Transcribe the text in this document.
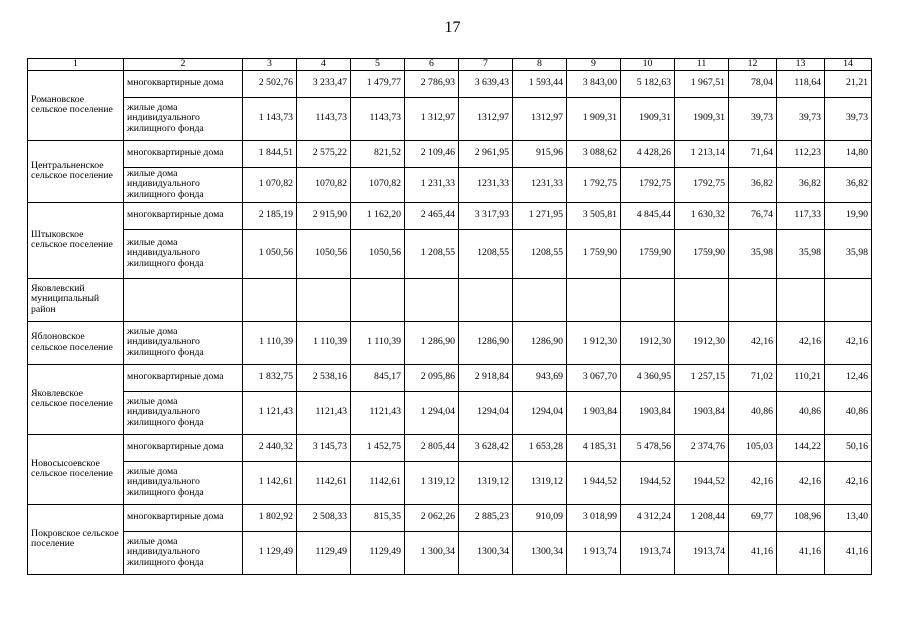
17
1	2	3	4	5	6	7	8	9	10	11	12	13	14
Романовское сельское поселение	многоквартирные дома	2 502,76	3 233,47	1 479,77	2 786,93	3 639,43	1 593,44	3 843,00	5 182,63	1 967,51	78,04	118,64	21,21
	жилые дома индивидуального жилищного фонда	1 143,73	1143,73	1143,73	1 312,97	1312,97	1312,97	1 909,31	1909,31	1909,31	39,73	39,73	39,73
Центральненское сельское поселение	многоквартирные дома	1 844,51	2 575,22	821,52	2 109,46	2 961,95	915,96	3 088,62	4 428,26	1 213,14	71,64	112,23	14,80
	жилые дома индивидуального жилищного фонда	1 070,82	1070,82	1070,82	1 231,33	1231,33	1231,33	1 792,75	1792,75	1792,75	36,82	36,82	36,82
Штыковское сельское поселение	многоквартирные дома	2 185,19	2 915,90	1 162,20	2 465,44	3 317,93	1 271,95	3 505,81	4 845,44	1 630,32	76,74	117,33	19,90
	жилые дома индивидуального жилищного фонда	1 050,56	1050,56	1050,56	1 208,55	1208,55	1208,55	1 759,90	1759,90	1759,90	35,98	35,98	35,98
Яковлевский муниципальный район													
Яблоновское сельское поселение	жилые дома индивидуального жилищного фонда	1 110,39	1 110,39	1 110,39	1 286,90	1286,90	1286,90	1 912,30	1912,30	1912,30	42,16	42,16	42,16
Яковлевское сельское поселение	многоквартирные дома	1 832,75	2 538,16	845,17	2 095,86	2 918,84	943,69	3 067,70	4 360,95	1 257,15	71,02	110,21	12,46
	жилые дома индивидуального жилищного фонда	1 121,43	1121,43	1121,43	1 294,04	1294,04	1294,04	1 903,84	1903,84	1903,84	40,86	40,86	40,86
Новосысоевское сельское поселение	многоквартирные дома	2 440,32	3 145,73	1 452,75	2 805,44	3 628,42	1 653,28	4 185,31	5 478,56	2 374,76	105,03	144,22	50,16
	жилые дома индивидуального жилищного фонда	1 142,61	1142,61	1142,61	1 319,12	1319,12	1319,12	1 944,52	1944,52	1944,52	42,16	42,16	42,16
Покровское сельское поселение	многоквартирные дома	1 802,92	2 508,33	815,35	2 062,26	2 885,23	910,09	3 018,99	4 312,24	1 208,44	69,77	108,96	13,40
	жилые дома индивидуального жилищного фонда	1 129,49	1129,49	1129,49	1 300,34	1300,34	1300,34	1 913,74	1913,74	1913,74	41,16	41,16	41,16
